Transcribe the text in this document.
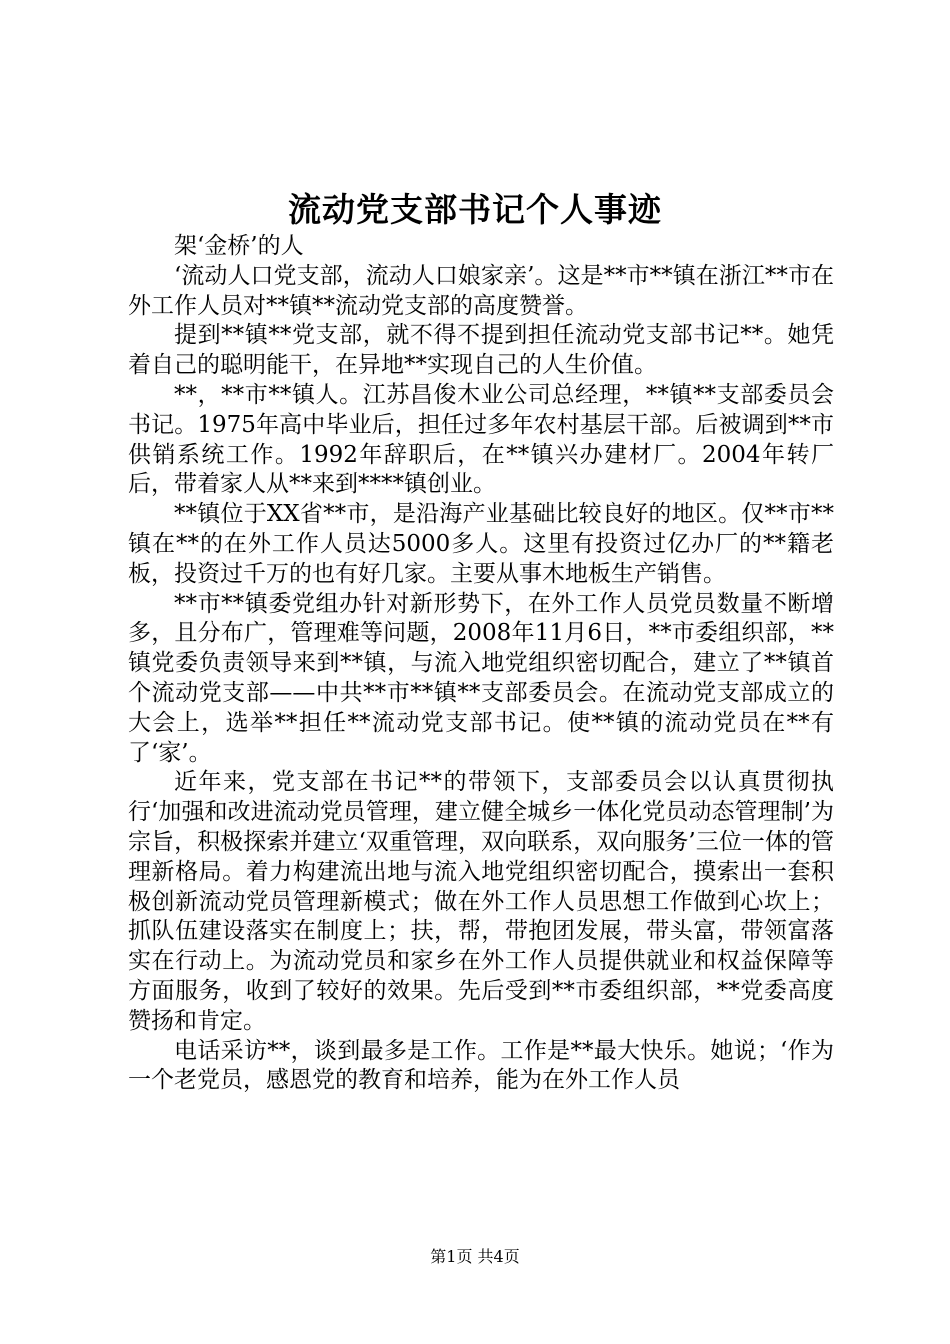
流动党支部书记个人事迹

架‘金桥’的人

‘流动人口党支部，流动人口娘家亲’。这是**市**镇在浙江**市在外工作人员对**镇**流动党支部的高度赞誉。

提到**镇**党支部，就不得不提到担任流动党支部书记**。她凭着自己的聪明能干，在异地**实现自己的人生价值。

**，**市**镇人。江苏昌俊木业公司总经理，**镇**支部委员会书记。1975年高中毕业后，担任过多年农村基层干部。后被调到**市供销系统工作。1992年辞职后，在**镇兴办建材厂。2004年转厂后，带着家人从**来到****镇创业。

**镇位于XX省**市，是沿海产业基础比较良好的地区。仅**市**镇在**的在外工作人员达5000多人。这里有投资过亿办厂的**籍老板，投资过千万的也有好几家。主要从事木地板生产销售。

**市**镇委党组办针对新形势下，在外工作人员党员数量不断增多，且分布广，管理难等问题，2008年11月6日，**市委组织部，**镇党委负责领导来到**镇，与流入地党组织密切配合，建立了**镇首个流动党支部——中共**市**镇**支部委员会。在流动党支部成立的大会上，选举**担任**流动党支部书记。使**镇的流动党员在**有了‘家’。

近年来，党支部在书记**的带领下，支部委员会以认真贯彻执行‘加强和改进流动党员管理，建立健全城乡一体化党员动态管理制’为宗旨，积极探索并建立‘双重管理，双向联系，双向服务’三位一体的管理新格局。着力构建流出地与流入地党组织密切配合，摸索出一套积极创新流动党员管理新模式；做在外工作人员思想工作做到心坎上；抓队伍建设落实在制度上；扶，帮，带抱团发展，带头富，带领富落实在行动上。为流动党员和家乡在外工作人员提供就业和权益保障等方面服务，收到了较好的效果。先后受到**市委组织部，**党委高度赞扬和肯定。

电话采访**，谈到最多是工作。工作是**最大快乐。她说；‘作为一个老党员，感恩党的教育和培养，能为在外工作人员

第1页 共4页
